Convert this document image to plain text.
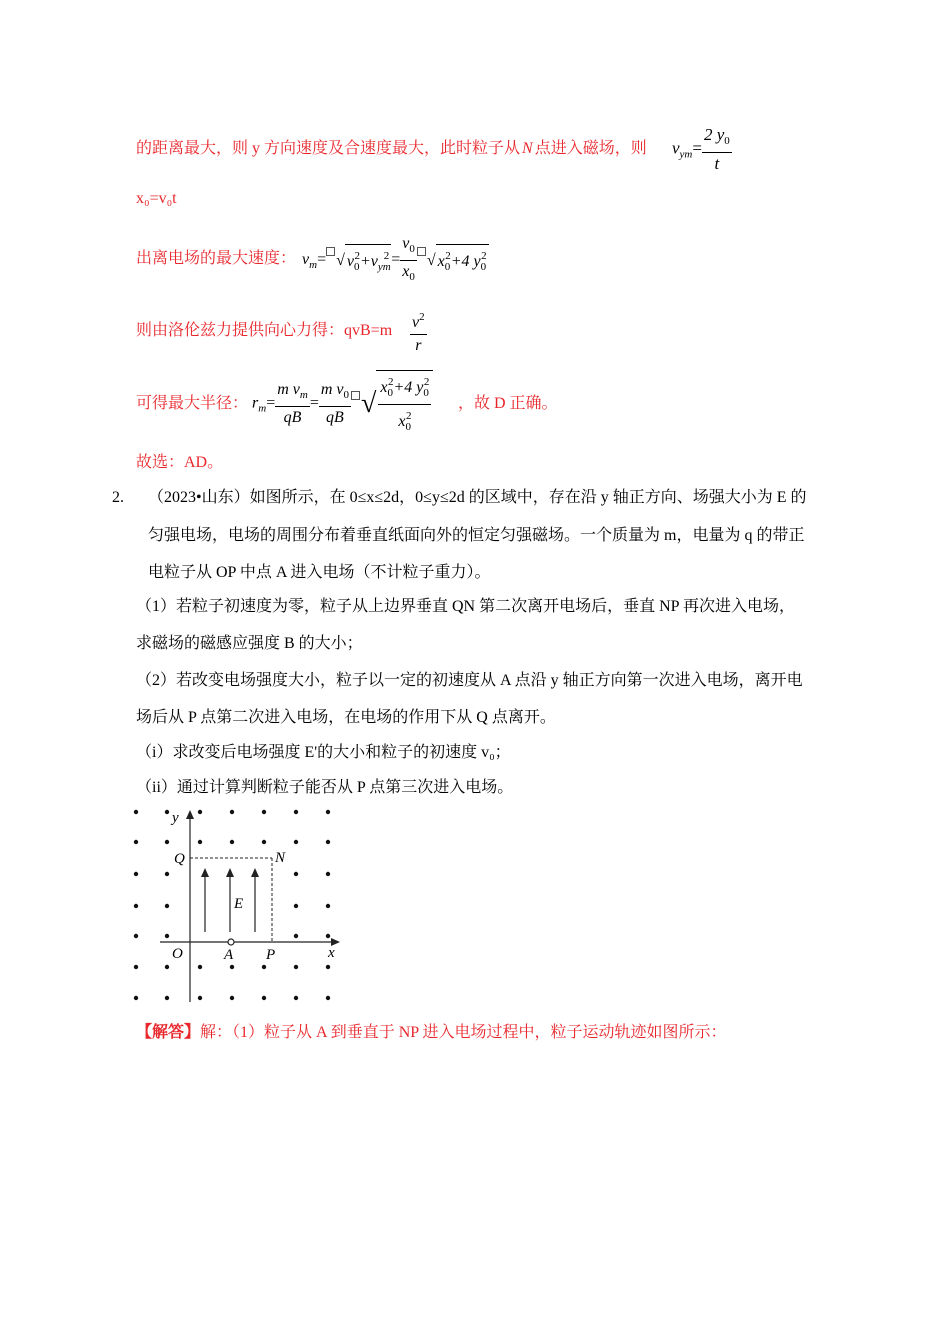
的距离最大，则 y 方向速度及合速度最大，此时粒子从 N 点进入磁场，则 $v_{ym}= \frac{2 y_0}{t}$
x₀=v₀t
出离电场的最大速度： $v_m=$ √ $v_0^2+v_{ym}^2 = \frac{v_0}{x_0}$ √ $x_0^2+4$ $y_0^2$
则由洛伦兹力提供向心力得：$qvB=m \frac{v^2}{r}$
可得最大半径： $r_m= \frac{m v_m}{qB} = \frac{m v_0}{qB}$ √ $\frac{x_0^2+4 y_0^2}{x_0^2}$ ，故 D 正确。
故选：AD。
2. （2023•山东）如图所示，在 0≤x≤2d，0≤y≤2d 的区域中，存在沿 y 轴正方向、场强大小为 E 的
匀强电场，电场的周围分布着垂直纸面向外的恒定匀强磁场。一个质量为 m，电量为 q 的带正
电粒子从 OP 中点 A 进入电场（不计粒子重力）。
（1）若粒子初速度为零，粒子从上边界垂直 QN 第二次离开电场后，垂直 NP 再次进入电场，
求磁场的磁感应强度 B 的大小；
（2）若改变电场强度大小，粒子以一定的初速度从 A 点沿 y 轴正方向第一次进入电场，离开电
场后从 P 点第二次进入电场，在电场的作用下从 Q 点离开。
（i）求改变后电场强度 E'的大小和粒子的初速度 v₀；
（ii）通过计算判断粒子能否从 P 点第三次进入电场。
y
x
Q	N
E
O	A P
【解答】解：（1）粒子从 A 到垂直于 NP 进入电场过程中，粒子运动轨迹如图所示：
